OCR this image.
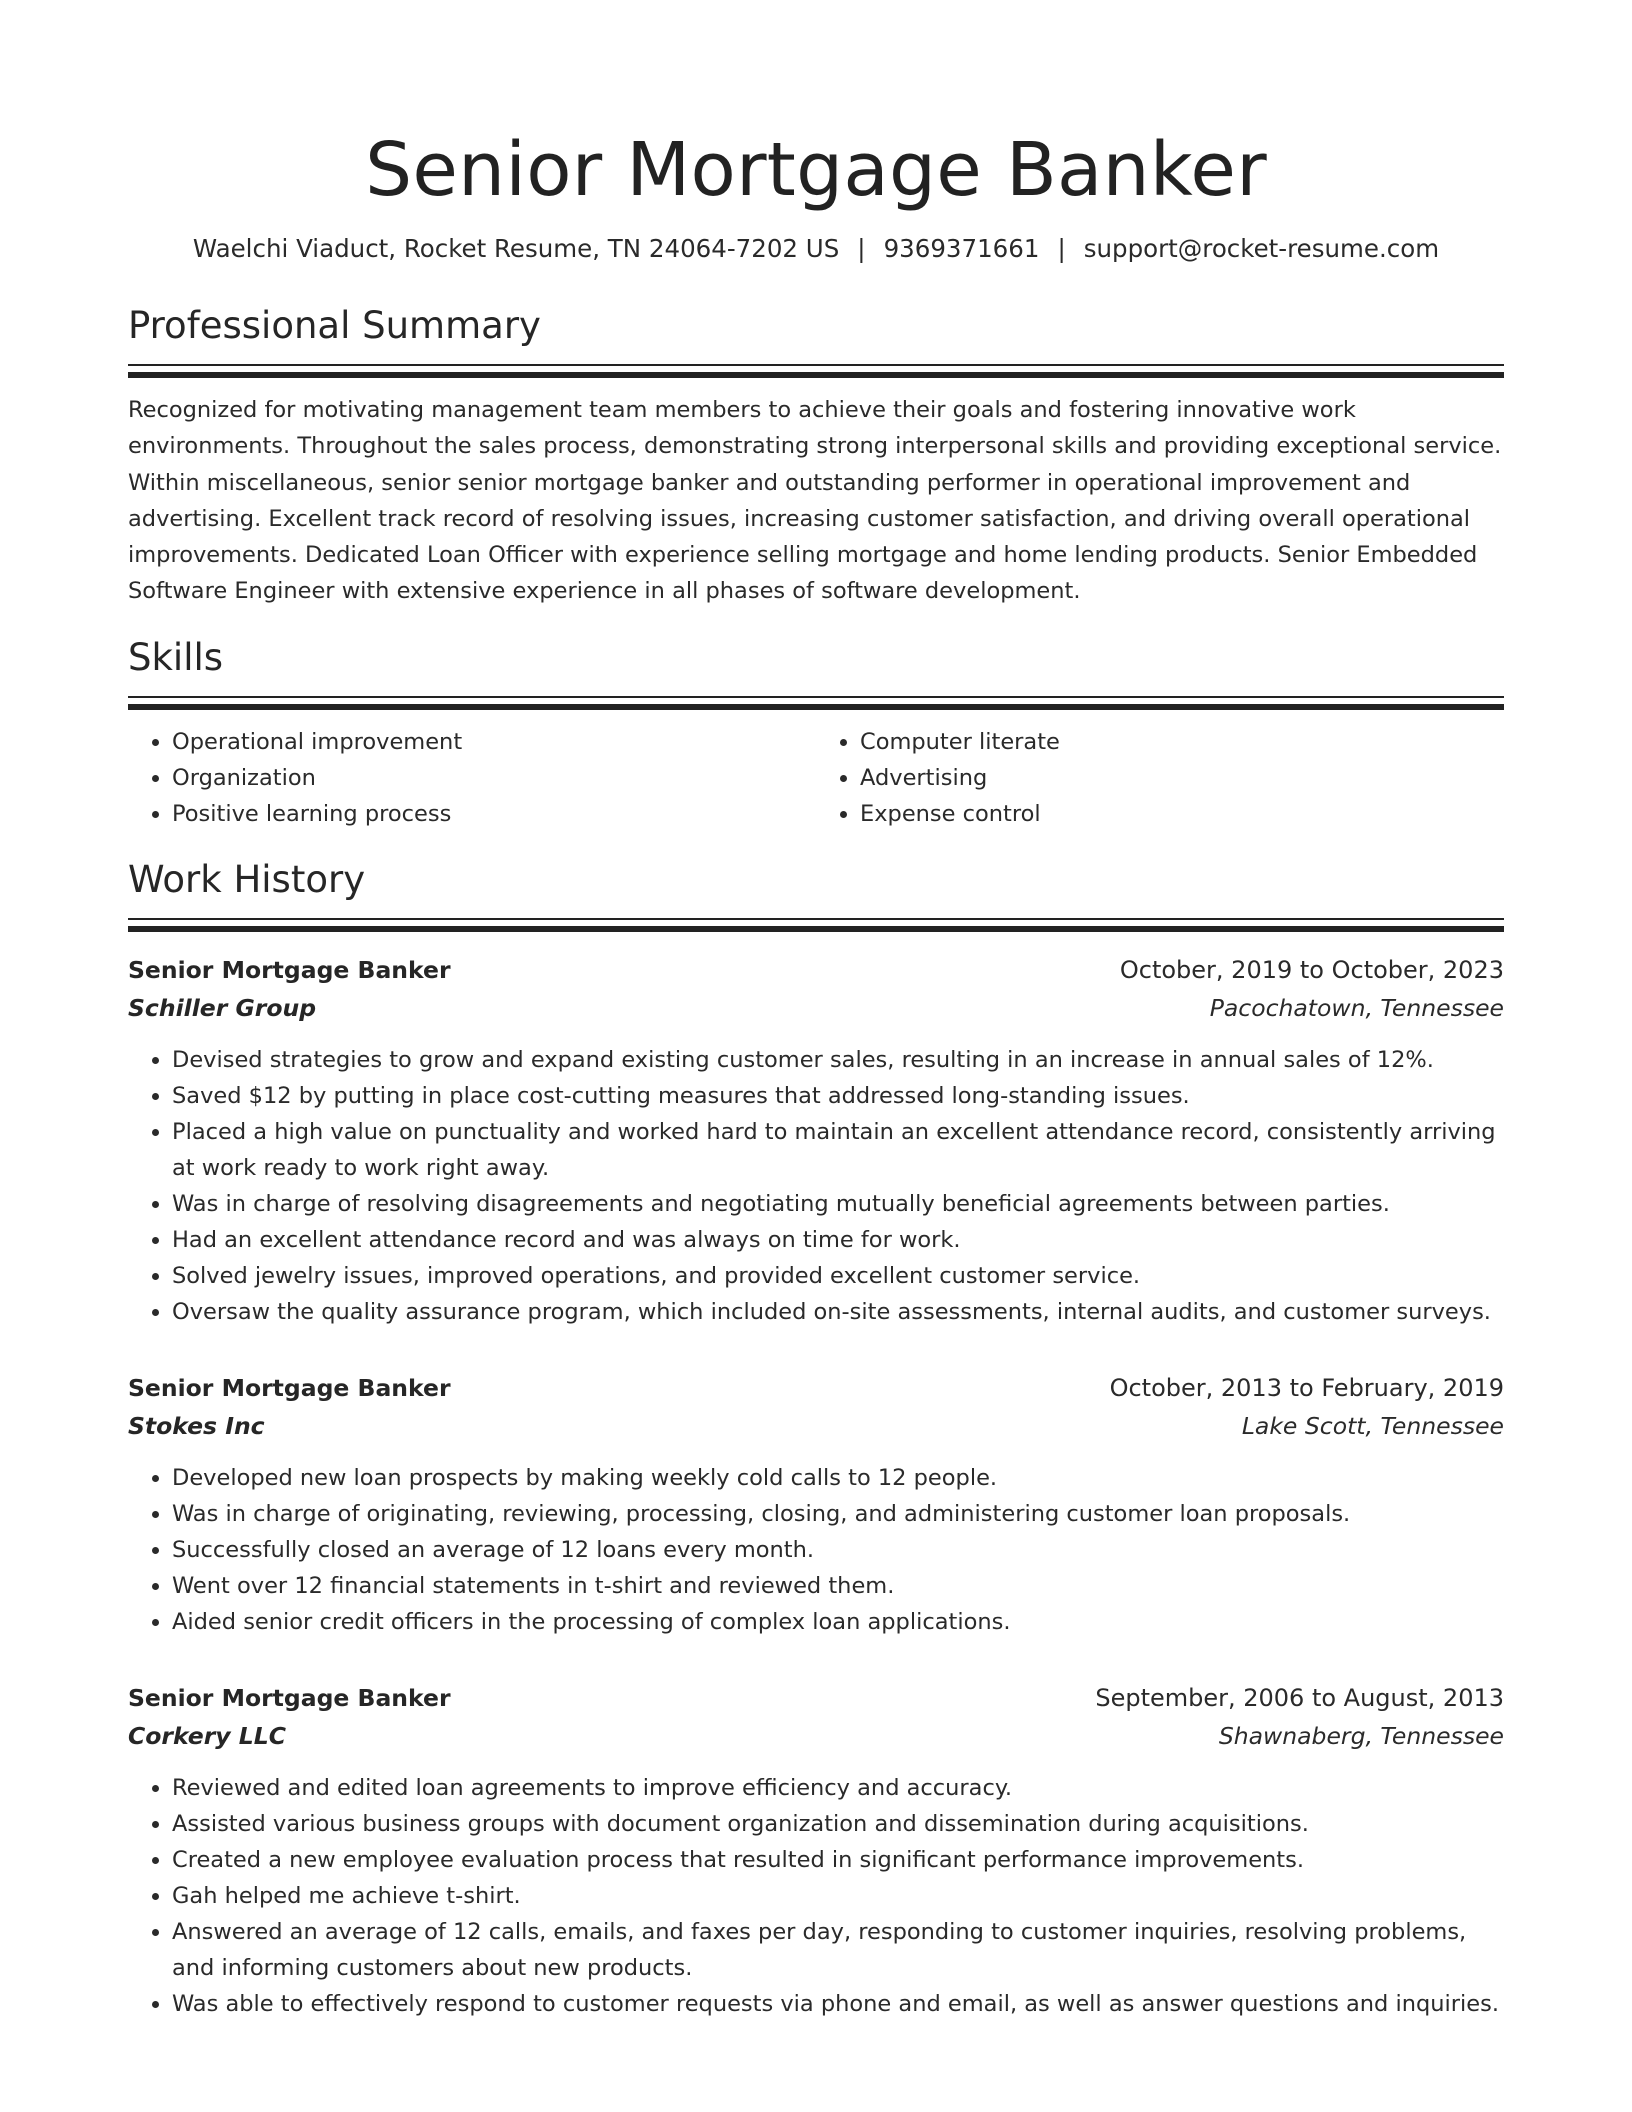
Senior Mortgage Banker
Waelchi Viaduct, Rocket Resume, TN 24064-7202 US | 9369371661 | support@rocket-resume.com
Professional Summary

Recognized for motivating management team members to achieve their goals and fostering innovative work environments. Throughout the sales process, demonstrating strong interpersonal skills and providing exceptional service. Within miscellaneous, senior senior mortgage banker and outstanding performer in operational improvement and advertising. Excellent track record of resolving issues, increasing customer satisfaction, and driving overall operational improvements. Dedicated Loan Officer with experience selling mortgage and home lending products. Senior Embedded Software Engineer with extensive experience in all phases of software development.

Skills
• Operational improvement
• Organization
• Positive learning process
• Computer literate
• Advertising
• Expense control
Work History
Senior Mortgage Banker	October, 2019 to October, 2023
Schiller Group	Pacochatown, Tennessee
• Devised strategies to grow and expand existing customer sales, resulting in an increase in annual sales of 12%.
• Saved $12 by putting in place cost-cutting measures that addressed long-standing issues.
• Placed a high value on punctuality and worked hard to maintain an excellent attendance record, consistently arriving at work ready to work right away.
• Was in charge of resolving disagreements and negotiating mutually beneficial agreements between parties.
• Had an excellent attendance record and was always on time for work.
• Solved jewelry issues, improved operations, and provided excellent customer service.
• Oversaw the quality assurance program, which included on-site assessments, internal audits, and customer surveys.
Senior Mortgage Banker	October, 2013 to February, 2019
Stokes Inc	Lake Scott, Tennessee
• Developed new loan prospects by making weekly cold calls to 12 people.
• Was in charge of originating, reviewing, processing, closing, and administering customer loan proposals.
• Successfully closed an average of 12 loans every month.
• Went over 12 financial statements in t-shirt and reviewed them.
• Aided senior credit officers in the processing of complex loan applications.
Senior Mortgage Banker	September, 2006 to August, 2013
Corkery LLC	Shawnaberg, Tennessee
• Reviewed and edited loan agreements to improve efficiency and accuracy.
• Assisted various business groups with document organization and dissemination during acquisitions.
• Created a new employee evaluation process that resulted in significant performance improvements.
• Gah helped me achieve t-shirt.
• Answered an average of 12 calls, emails, and faxes per day, responding to customer inquiries, resolving problems, and informing customers about new products.
• Was able to effectively respond to customer requests via phone and email, as well as answer questions and inquiries.
